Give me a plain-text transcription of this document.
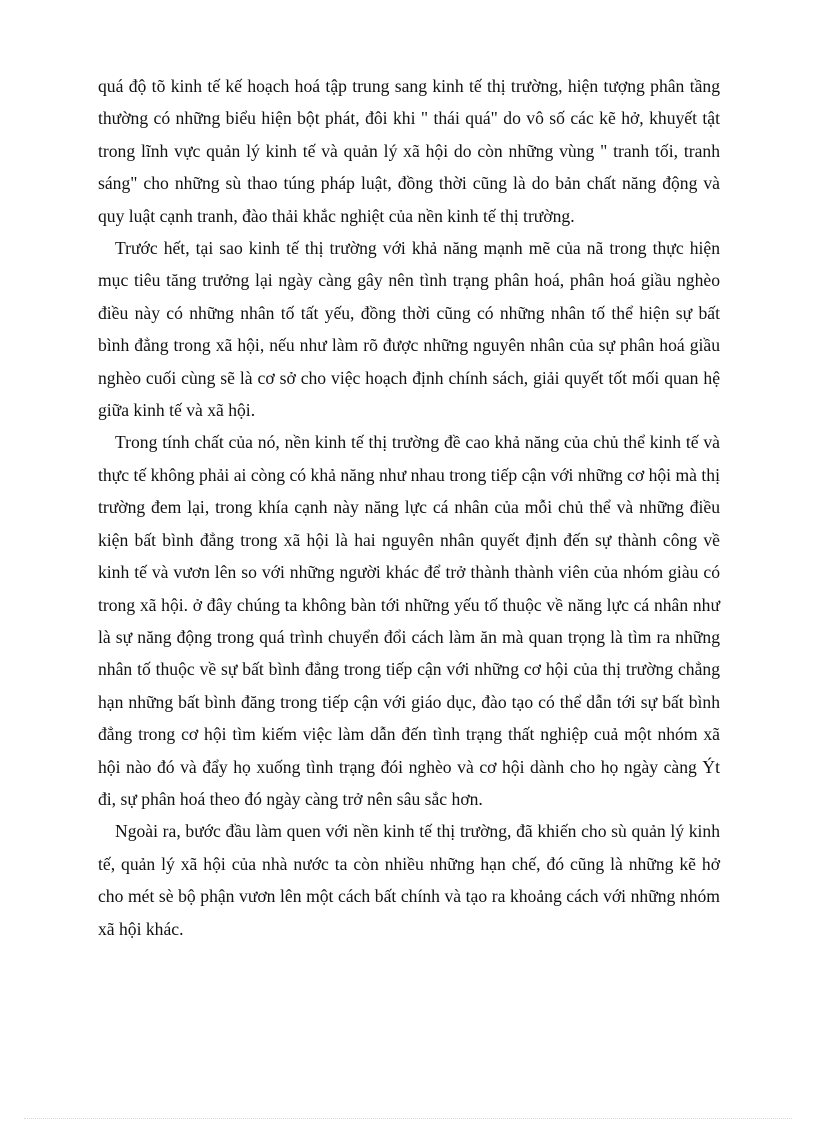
quá độ tõ kinh tế kế hoạch hoá tập trung sang kinh tế thị trường, hiện tượng phân tầng thường có những biểu hiện bột phát, đôi khi " thái quá" do vô số các kẽ hở, khuyết tật trong lĩnh vực quản lý kinh tế và quản lý xã hội do còn những vùng " tranh tối, tranh sáng" cho những sù thao túng pháp luật, đồng thời cũng là do bản chất năng động và quy luật cạnh tranh, đào thải khắc nghiệt của nền kinh tế thị trường.

Trước hết, tại sao kinh tế thị trường với khả năng mạnh mẽ của nã trong thực hiện mục tiêu tăng trưởng lại ngày càng gây nên tình trạng phân hoá, phân hoá giầu nghèo điều này có những nhân tố tất yếu, đồng thời cũng có những nhân tố thể hiện sự bất bình đẳng trong xã hội, nếu như làm rõ được những nguyên nhân của sự phân hoá giầu nghèo cuối cùng sẽ là cơ sở cho việc hoạch định chính sách, giải quyết tốt mối quan hệ giữa kinh tế và xã hội.

Trong tính chất của nó, nền kinh tế thị trường đề cao khả năng của chủ thể kinh tế và thực tế không phải ai còng có khả năng như nhau trong tiếp cận với những cơ hội mà thị trường đem lại, trong khía cạnh này năng lực cá nhân của mỗi chủ thể và những điều kiện bất bình đẳng trong xã hội là hai nguyên nhân quyết định đến sự thành công về kinh tế và vươn lên so với những người khác để trở thành thành viên của nhóm giàu có trong xã hội. ở đây chúng ta không bàn tới những yếu tố thuộc về năng lực cá nhân như là sự năng động trong quá trình chuyển đổi cách làm ăn mà quan trọng là tìm ra những nhân tố thuộc về sự bất bình đẳng trong tiếp cận với những cơ hội của thị trường chẳng hạn những bất bình đăng trong tiếp cận với giáo dục, đào tạo có thể dẫn tới sự bất bình đẳng trong cơ hội tìm kiếm việc làm dẫn đến tình trạng thất nghiệp cuả một nhóm xã hội nào đó và đẩy họ xuống tình trạng đói nghèo và cơ hội dành cho họ ngày càng Ýt đi, sự phân hoá theo đó ngày càng trở nên sâu sắc hơn.

Ngoài ra, bước đầu làm quen với nền kinh tế thị trường, đã khiến cho sù quản lý kinh tế, quản lý xã hội của nhà nước ta còn nhiều những hạn chế, đó cũng là những kẽ hở cho mét sè bộ phận vươn lên một cách bất chính và tạo ra khoảng cách với những nhóm xã hội khác.
